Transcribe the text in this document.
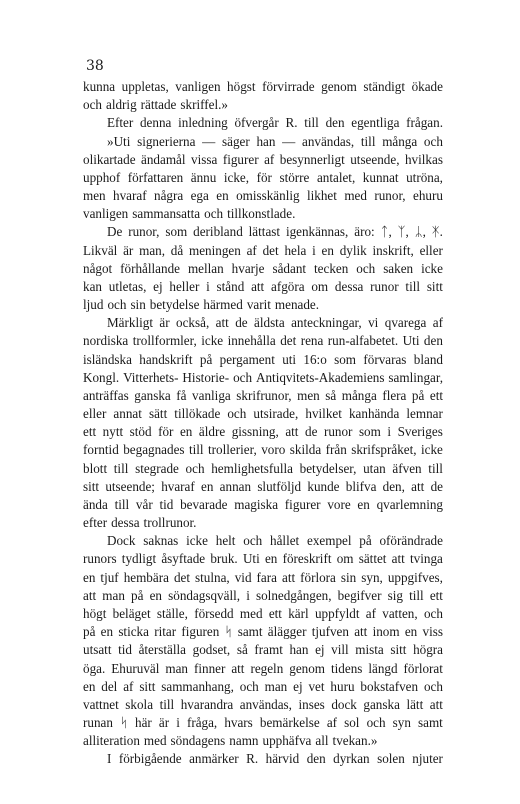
38
kunna uppletas, vanligen högst förvirrade genom ständigt ökade
och aldrig rättade skriffel.»
Efter denna inledning öfvergår R. till den egentliga frågan.
»Uti signerierna — säger han — användas, till många och
olikartade ändamål vissa figurer af besynnerligt utseende, hvilkas
upphof författaren ännu icke, för större antalet, kunnat utröna,
men hvaraf några ega en omisskänlig likhet med runor, ehuru
vanligen sammansatta och tillkonstlade.
De runor, som deribland lättast igenkännas, äro: ᛏ, ᛉ, ᛦ, ᛡ.
Likväl är man, då meningen af det hela i en dylik inskrift, eller
något förhållande mellan hvarje sådant tecken och saken icke
kan utletas, ej heller i stånd att afgöra om dessa runor till sitt
ljud och sin betydelse härmed varit menade.
Märkligt är också, att de äldsta anteckningar, vi qvarega af
nordiska trollformler, icke innehålla det rena run-alfabetet. Uti den
isländska handskrift på pergament uti 16:o som förvaras bland
Kongl. Vitterhets- Historie- och Antiqvitets-Akademiens samlingar,
anträffas ganska få vanliga skrifrunor, men så många flera på ett
eller annat sätt tillökade och utsirade, hvilket kanhända lemnar
ett nytt stöd för en äldre gissning, att de runor som i Sveriges
forntid begagnades till trollerier, voro skilda från skrifspråket, icke
blott till stegrade och hemlighetsfulla betydelser, utan äfven till
sitt utseende; hvaraf en annan slutföljd kunde blifva den, att de
ända till vår tid bevarade magiska figurer vore en qvarlemning
efter dessa trollrunor.
Dock saknas icke helt och hållet exempel på oförändrade
runors tydligt åsyftade bruk. Uti en föreskrift om sättet att tvinga
en tjuf hembära det stulna, vid fara att förlora sin syn, uppgifves,
att man på en söndagsqväll, i solnedgången, begifver sig till ett
högt beläget ställe, försedd med ett kärl uppfyldt af vatten, och
på en sticka ritar figuren ᛋ samt älägger tjufven att inom en viss
utsatt tid återställa godset, så framt han ej vill mista sitt högra
öga. Ehuruväl man finner att regeln genom tidens längd förlorat
en del af sitt sammanhang, och man ej vet huru bokstafven och
vattnet skola till hvarandra användas, inses dock ganska lätt att
runan ᛋ här är i fråga, hvars bemärkelse af sol och syn samt
alliteration med söndagens namn upphäfva all tvekan.»
I förbigående anmärker R. härvid den dyrkan solen njuter
